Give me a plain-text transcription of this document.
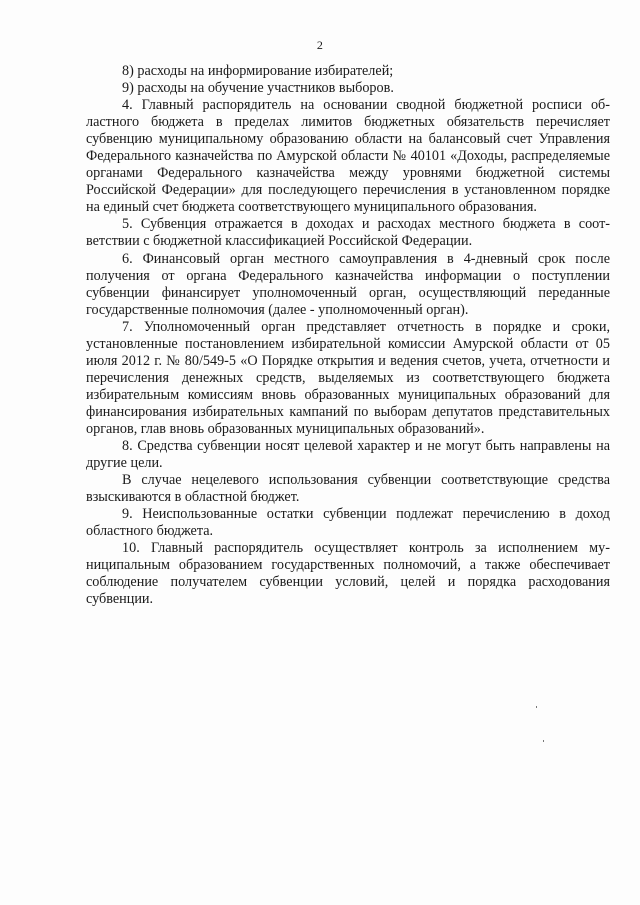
2

8) расходы на информирование избирателей;

9) расходы на обучение участников выборов.

4. Главный распорядитель на основании сводной бюджетной росписи областного бюджета в пределах лимитов бюджетных обязательств перечисляет субвенцию муниципальному образованию области на балансовый счет Управления Федерального казначейства по Амурской области № 40101 «Доходы, распределяемые органами Федерального казначейства между уровнями бюджетной системы Российской Федерации» для последующего перечисления в установленном порядке на единый счет бюджета соответствующего муниципального образования.

5. Субвенция отражается в доходах и расходах местного бюджета в соответствии с бюджетной классификацией Российской Федерации.

6. Финансовый орган местного самоуправления в 4-дневный срок после получения от органа Федерального казначейства информации о поступлении субвенции финансирует уполномоченный орган, осуществляющий переданные государственные полномочия (далее - уполномоченный орган).

7. Уполномоченный орган представляет отчетность в порядке и сроки, установленные постановлением избирательной комиссии Амурской области от 05 июля 2012 г. № 80/549-5 «О Порядке открытия и ведения счетов, учета, отчетности и перечисления денежных средств, выделяемых из соответствующего бюджета избирательным комиссиям вновь образованных муниципальных образований для финансирования избирательных кампаний по выборам депутатов представительных органов, глав вновь образованных муниципальных образований».

8. Средства субвенции носят целевой характер и не могут быть направлены на другие цели.

В случае нецелевого использования субвенции соответствующие средства взыскиваются в областной бюджет.

9. Неиспользованные остатки субвенции подлежат перечислению в доход областного бюджета.

10. Главный распорядитель осуществляет контроль за исполнением муниципальным образованием государственных полномочий, а также обеспечивает соблюдение получателем субвенции условий, целей и порядка расходования субвенции.
